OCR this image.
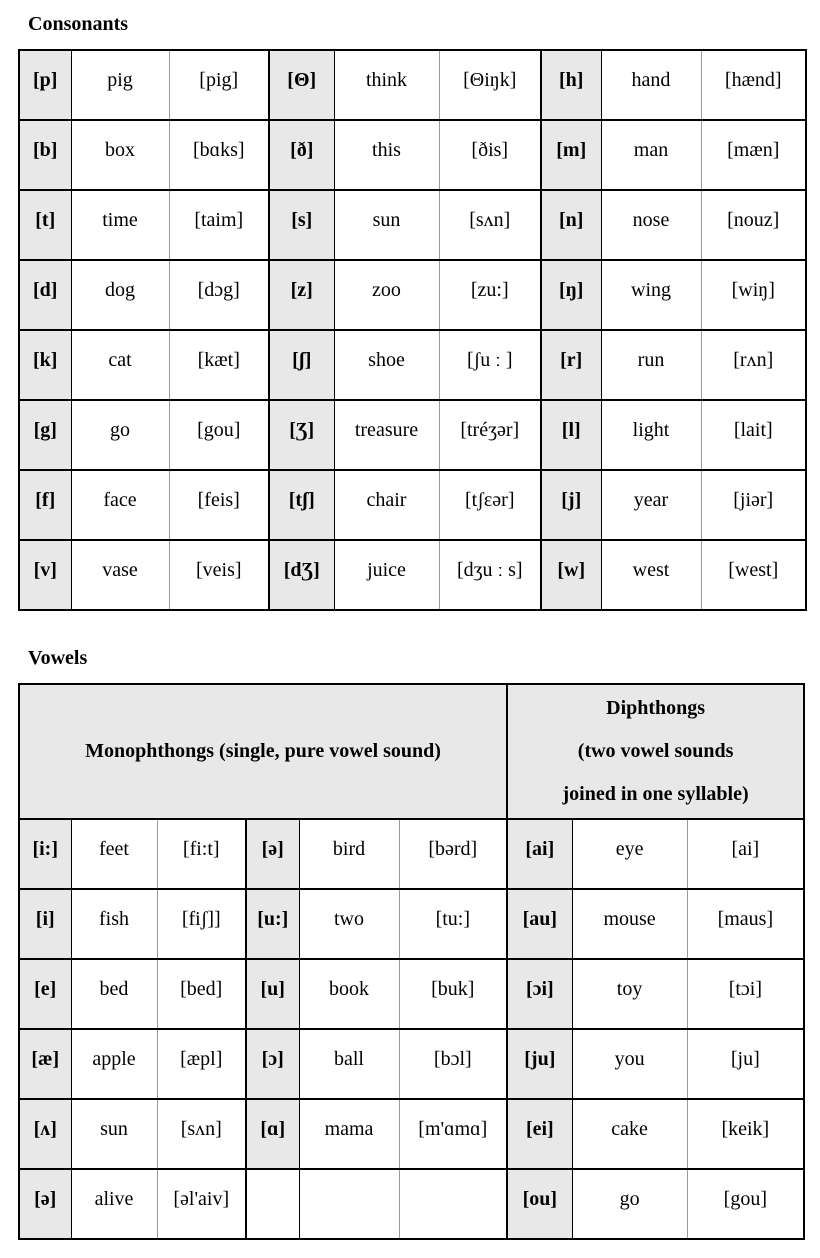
Consonants
[p]	pig	[pig]	[Θ]	think	[Θiŋk]	[h]	hand	[hænd]
[b]	box	[bɑks]	[ð]	this	[ðis]	[m]	man	[mæn]
[t]	time	[taim]	[s]	sun	[sʌn]	[n]	nose	[nouz]
[d]	dog	[dɔg]	[z]	zoo	[zu:]	[ŋ]	wing	[wiŋ]
[k]	cat	[kæt]	[ʃ]	shoe	[ʃu ː ]	[r]	run	[rʌn]
[g]	go	[gou]	[Ʒ]	treasure	[tréʒər]	[l]	light	[lait]
[f]	face	[feis]	[tʃ]	chair	[tʃɛər]	[j]	year	[jiər]
[v]	vase	[veis]	[dƷ]	juice	[dʒu ː s]	[w]	west	[west]
Vowels
Monophthongs (single, pure vowel sound)						Diphthongs
(two vowel sounds
joined in one syllable)		

[i:]	feet	[fi:t]	[ə]	bird	[bərd]	[ai]	eye	[ai]
[i]	fish	[fiʃ]]	[u:]	two	[tu:]	[au]	mouse	[maus]
[e]	bed	[bed]	[u]	book	[buk]	[ɔi]	toy	[tɔi]
[æ]	apple	[æpl]	[ɔ]	ball	[bɔl]	[ju]	you	[ju]
[ʌ]	sun	[sʌn]	[ɑ]	mama	[m'ɑmɑ]	[ei]	cake	[keik]
[ə]	alive	[əl'aiv]				[ou]	go	[gou]
